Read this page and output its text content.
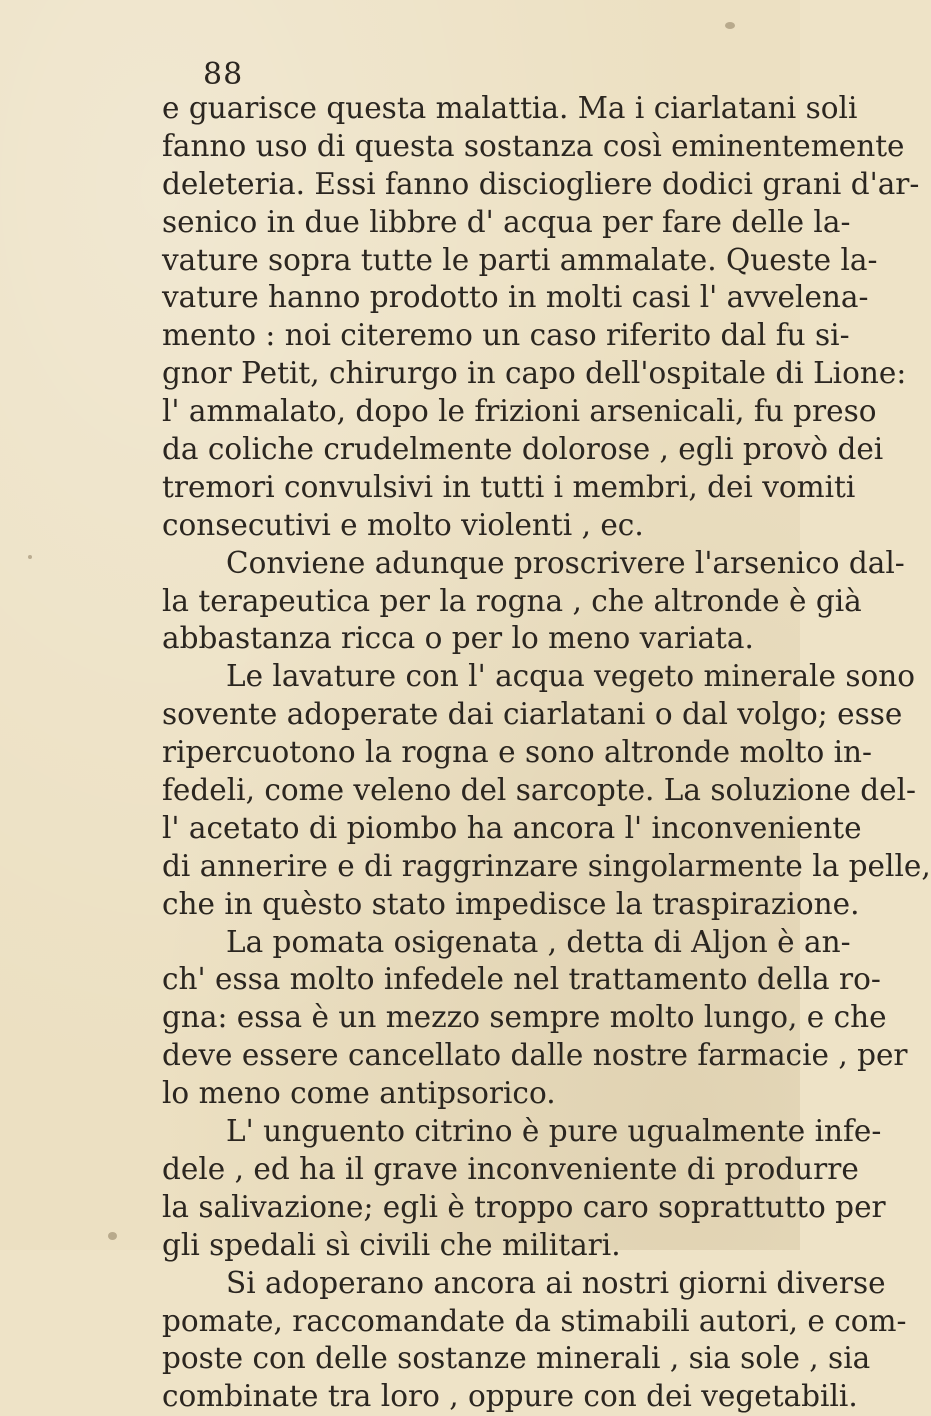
88
e guarisce questa malattia. Ma i ciarlatani soli
fanno uso di questa sostanza così eminentemente
deleteria. Essi fanno disciogliere dodici grani d'ar-
senico in due libbre d' acqua per fare delle la-
vature sopra tutte le parti ammalate. Queste la-
vature hanno prodotto in molti casi l' avvelena-
mento : noi citeremo un caso riferito dal fu si-
gnor Petit, chirurgo in capo dell'ospitale di Lione:
l' ammalato, dopo le frizioni arsenicali, fu preso
da coliche crudelmente dolorose , egli provò dei
tremori convulsivi in tutti i membri, dei vomiti
consecutivi e molto violenti , ec.
Conviene adunque proscrivere l'arsenico dal-
la terapeutica per la rogna , che altronde è già
abbastanza ricca o per lo meno variata.
Le lavature con l' acqua vegeto minerale sono
sovente adoperate dai ciarlatani o dal volgo; esse
ripercuotono la rogna e sono altronde molto in-
fedeli, come veleno del sarcopte. La soluzione del-
l' acetato di piombo ha ancora l' inconveniente
di annerire e di raggrinzare singolarmente la pelle,
che in quèsto stato impedisce la traspirazione.
La pomata osigenata , detta di Aljon è an-
ch' essa molto infedele nel trattamento della ro-
gna: essa è un mezzo sempre molto lungo, e che
deve essere cancellato dalle nostre farmacie , per
lo meno come antipsorico.
L' unguento citrino è pure ugualmente infe-
dele , ed ha il grave inconveniente di produrre
la salivazione; egli è troppo caro soprattutto per
gli spedali sì civili che militari.
Si adoperano ancora ai nostri giorni diverse
pomate, raccomandate da stimabili autori, e com-
poste con delle sostanze minerali , sia sole , sia
combinate tra loro , oppure con dei vegetabili.
